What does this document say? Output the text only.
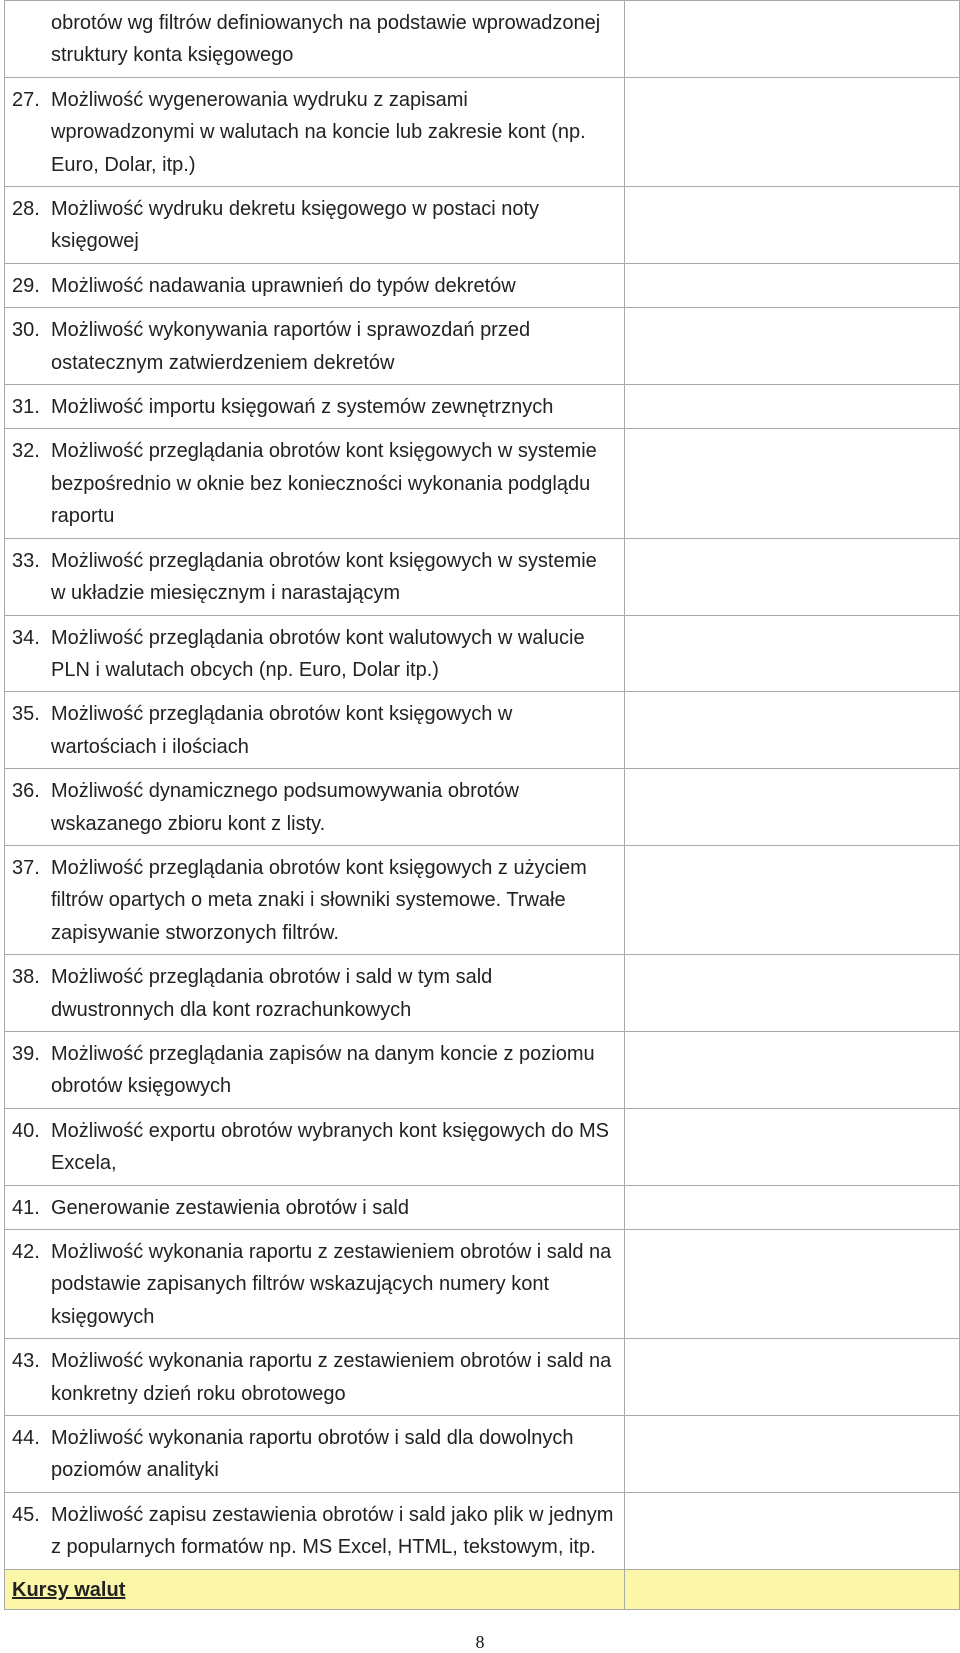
obrotów wg filtrów definiowanych na podstawie wprowadzonej struktury konta księgowego	

27. Możliwość wygenerowania wydruku z zapisami wprowadzonymi w walutach na koncie lub zakresie kont (np. Euro, Dolar, itp.)	

28. Możliwość wydruku dekretu księgowego w postaci noty księgowej	

29. Możliwość nadawania uprawnień do typów dekretów	

30. Możliwość wykonywania raportów i sprawozdań przed ostatecznym zatwierdzeniem dekretów	

31. Możliwość importu księgowań z systemów zewnętrznych	

32. Możliwość przeglądania obrotów kont księgowych w systemie bezpośrednio w oknie bez konieczności wykonania podglądu raportu	

33. Możliwość przeglądania obrotów kont księgowych w systemie w układzie miesięcznym i narastającym	

34. Możliwość przeglądania obrotów kont walutowych w walucie PLN i walutach obcych (np. Euro, Dolar itp.)	

35. Możliwość przeglądania obrotów kont księgowych w wartościach i ilościach	

36. Możliwość dynamicznego podsumowywania obrotów wskazanego zbioru kont z listy.	

37. Możliwość przeglądania obrotów kont księgowych z użyciem filtrów opartych o meta znaki i słowniki systemowe. Trwałe zapisywanie stworzonych filtrów.	

38. Możliwość przeglądania obrotów i sald w tym sald dwustronnych dla kont rozrachunkowych	

39. Możliwość przeglądania zapisów na danym koncie z poziomu obrotów księgowych	

40. Możliwość exportu obrotów wybranych kont księgowych do MS Excela,	

41. Generowanie zestawienia obrotów i sald	

42. Możliwość wykonania raportu z zestawieniem obrotów i sald na podstawie zapisanych filtrów wskazujących numery kont księgowych	

43. Możliwość wykonania raportu z zestawieniem obrotów i sald na konkretny dzień roku obrotowego	

44. Możliwość wykonania raportu obrotów i sald dla dowolnych poziomów analityki	

45. Możliwość zapisu zestawienia obrotów i sald jako plik w jednym z popularnych formatów np. MS Excel, HTML, tekstowym, itp.	

Kursy walut	

8
